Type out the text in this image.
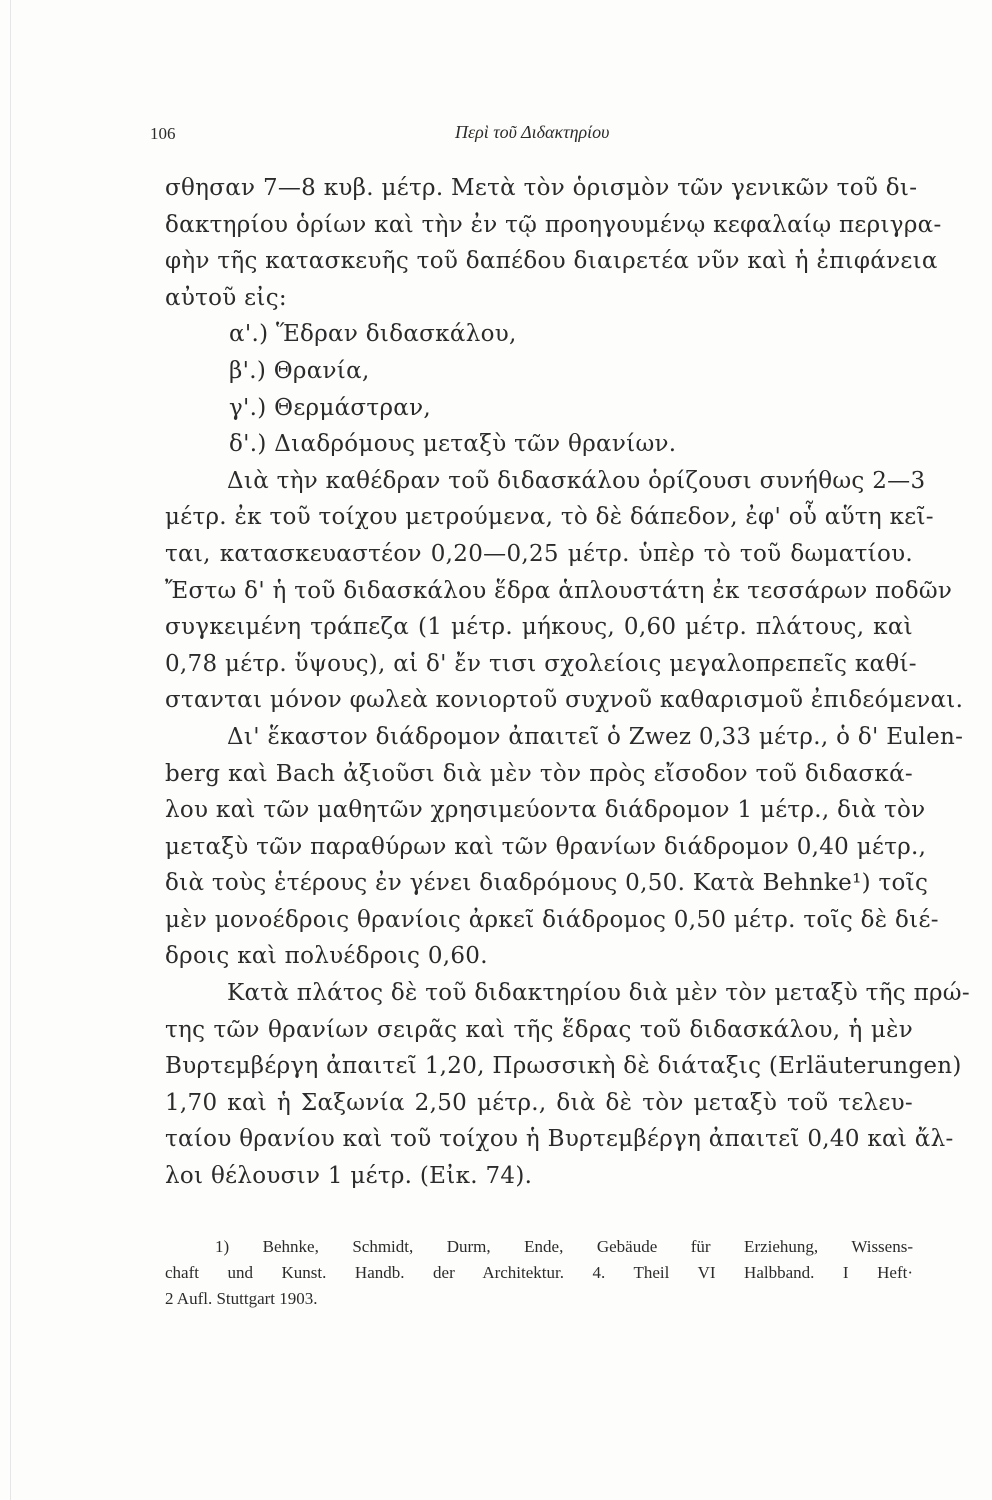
106	Περὶ τοῦ Διδακτηρίου
σθησαν 7—8 κυβ. μέτρ. Μετὰ τὸν ὁρισμὸν τῶν γενικῶν τοῦ δι-
δακτηρίου ὁρίων καὶ τὴν ἐν τῷ προηγουμένῳ κεφαλαίῳ περιγρα-
φὴν τῆς κατασκευῆς τοῦ δαπέδου διαιρετέα νῦν καὶ ἡ ἐπιφάνεια
αὐτοῦ εἰς:
α'.) Ἕδραν διδασκάλου,
β'.) Θρανία,
γ'.) Θερμάστραν,
δ'.) Διαδρόμους μεταξὺ τῶν θρανίων.
Διὰ τὴν καθέδραν τοῦ διδασκάλου ὁρίζουσι συνήθως 2—3
μέτρ. ἐκ τοῦ τοίχου μετρούμενα, τὸ δὲ δάπεδον, ἐφ' οὗ αὕτη κεῖ-
ται, κατασκευαστέον 0,20—0,25 μέτρ. ὑπὲρ τὸ τοῦ δωματίου.
Ἔστω δ' ἡ τοῦ διδασκάλου ἕδρα ἁπλουστάτη ἐκ τεσσάρων ποδῶν
συγκειμένη τράπεζα (1 μέτρ. μήκους, 0,60 μέτρ. πλάτους, καὶ
0,78 μέτρ. ὕψους), αἱ δ' ἔν τισι σχολείοις μεγαλοπρεπεῖς καθί-
στανται μόνον φωλεὰ κονιορτοῦ συχνοῦ καθαρισμοῦ ἐπιδεόμεναι.
Δι' ἕκαστον διάδρομον ἀπαιτεῖ ὁ Zwez 0,33 μέτρ., ὁ δ' Eulen-
berg καὶ Bach ἀξιοῦσι διὰ μὲν τὸν πρὸς εἴσοδον τοῦ διδασκά-
λου καὶ τῶν μαθητῶν χρησιμεύοντα διάδρομον 1 μέτρ., διὰ τὸν
μεταξὺ τῶν παραθύρων καὶ τῶν θρανίων διάδρομον 0,40 μέτρ.,
διὰ τοὺς ἑτέρους ἐν γένει διαδρόμους 0,50. Κατὰ Behnke¹) τοῖς
μὲν μονοέδροις θρανίοις ἀρκεῖ διάδρομος 0,50 μέτρ. τοῖς δὲ διέ-
δροις καὶ πολυέδροις 0,60.
Κατὰ πλάτος δὲ τοῦ διδακτηρίου διὰ μὲν τὸν μεταξὺ τῆς πρώ-
της τῶν θρανίων σειρᾶς καὶ τῆς ἕδρας τοῦ διδασκάλου, ἡ μὲν
Βυρτεμβέργη ἀπαιτεῖ 1,20, Πρωσσικὴ δὲ διάταξις (Erläuterungen)
1,70 καὶ ἡ Σαξωνία 2,50 μέτρ., διὰ δὲ τὸν μεταξὺ τοῦ τελευ-
ταίου θρανίου καὶ τοῦ τοίχου ἡ Βυρτεμβέργη ἀπαιτεῖ 0,40 καὶ ἄλ-
λοι θέλουσιν 1 μέτρ. (Εἰκ. 74).
1) Behnke, Schmidt, Durm, Ende, Gebäude für Erziehung, Wissens-
chaft und Kunst. Handb. der Architektur. 4. Theil VI Halbband. I Heft·
2 Aufl. Stuttgart 1903.
